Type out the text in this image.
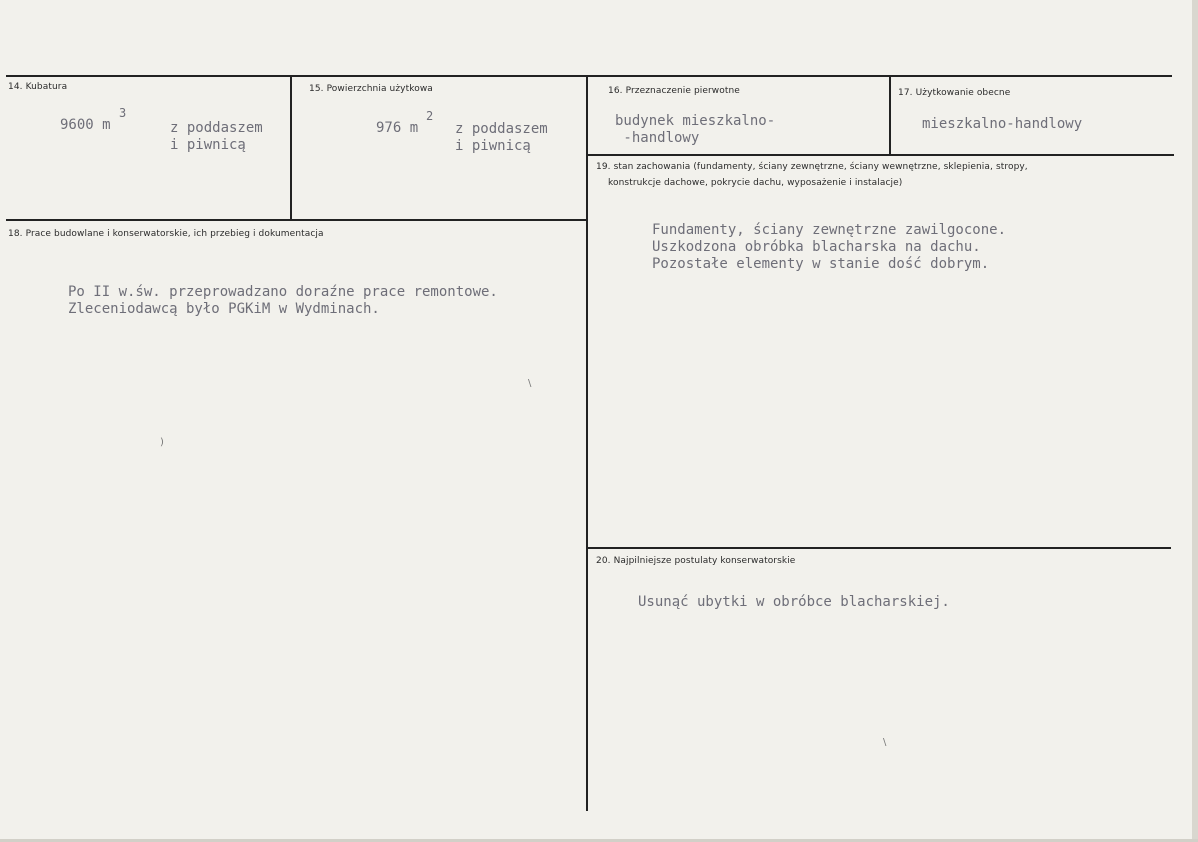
14. Kubatura
9600 m
3
z poddaszem
i piwnicą
15. Powierzchnia użytkowa
976 m
2
z poddaszem
i piwnicą
16. Przeznaczenie pierwotne
budynek mieszkalno-
-handlowy
17. Użytkowanie obecne
mieszkalno-handlowy
18. Prace budowlane i konserwatorskie, ich przebieg i dokumentacja
Po II w.św. przeprowadzano doraźne prace remontowe.
Zleceniodawcą było PGKiM w Wydminach.
19. stan zachowania (fundamenty, ściany zewnętrzne, ściany wewnętrzne, sklepienia, stropy,
konstrukcje dachowe, pokrycie dachu, wyposażenie i instalacje)
Fundamenty, ściany zewnętrzne zawilgocone.
Uszkodzona obróbka blacharska na dachu.
Pozostałe elementy w stanie dość dobrym.
20. Najpilniejsze postulaty konserwatorskie
Usunąć ubytki w obróbce blacharskiej.
\
)
\
